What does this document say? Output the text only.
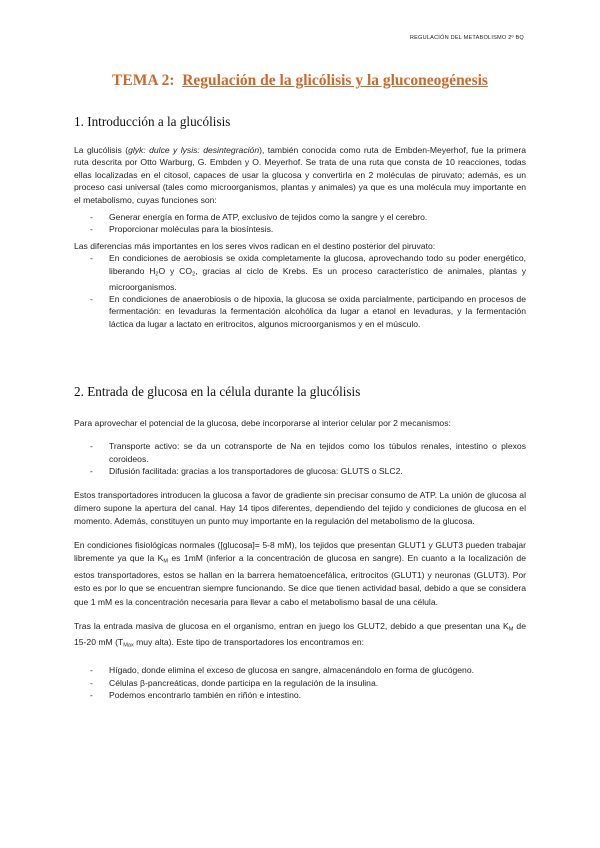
REGULACIÓN DEL METABOLISMO 2º BQ
TEMA 2: Regulación de la glicólisis y la gluconeogénesis
1. Introducción a la glucólisis

La glucólisis (glyk: dulce y lysis: desintegración), también conocida como ruta de Embden-Meyerhof, fue la primera ruta descrita por Otto Warburg, G. Embden y O. Meyerhof. Se trata de una ruta que consta de 10 reacciones, todas ellas localizadas en el citosol, capaces de usar la glucosa y convertirla en 2 moléculas de piruvato; además, es un proceso casi universal (tales como microorganismos, plantas y animales) ya que es una molécula muy importante en el metabolismo, cuyas funciones son:

- Generar energía en forma de ATP, exclusivo de tejidos como la sangre y el cerebro.
- Proporcionar moléculas para la biosíntesis.

Las diferencias más importantes en los seres vivos radican en el destino posterior del piruvato:

- En condiciones de aerobiosis se oxida completamente la glucosa, aprovechando todo su poder energético, liberando $H_2O$ y $CO_2$, gracias al ciclo de Krebs. Es un proceso característico de animales, plantas y microorganismos.
- En condiciones de anaerobiosis o de hipoxia, la glucosa se oxida parcialmente, participando en procesos de fermentación: en levaduras la fermentación alcohólica da lugar a etanol en levaduras, y la fermentación láctica da lugar a lactato en eritrocitos, algunos microorganismos y en el músculo.
2. Entrada de glucosa en la célula durante la glucólisis

Para aprovechar el potencial de la glucosa, debe incorporarse al interior celular por 2 mecanismos:

- Transporte activo: se da un cotransporte de Na en tejidos como los túbulos renales, intestino o plexos coroideos.
- Difusión facilitada: gracias a los transportadores de glucosa: GLUTS o SLC2.

Estos transportadores introducen la glucosa a favor de gradiente sin precisar consumo de ATP. La unión de glucosa al dímero supone la apertura del canal. Hay 14 tipos diferentes, dependiendo del tejido y condiciones de glucosa en el momento. Además, constituyen un punto muy importante en la regulación del metabolismo de la glucosa.

En condiciones fisiológicas normales ([glucosa]= 5-8 mM), los tejidos que presentan GLUT1 y GLUT3 pueden trabajar libremente ya que la $K_M$ es 1mM (inferior a la concentración de glucosa en sangre). En cuanto a la localización de estos transportadores, estos se hallan en la barrera hematoencefálica, eritrocitos (GLUT1) y neuronas (GLUT3). Por esto es por lo que se encuentran siempre funcionando. Se dice que tienen actividad basal, debido a que se considera que 1 mM es la concentración necesaria para llevar a cabo el metabolismo basal de una célula.

Tras la entrada masiva de glucosa en el organismo, entran en juego los GLUT2, debido a que presentan una $K_M$ de 15-20 mM ($T_{Max}$ muy alta). Este tipo de transportadores los encontramos en:

- Hígado, donde elimina el exceso de glucosa en sangre, almacenándolo en forma de glucógeno.
- Células β-pancreáticas, donde participa en la regulación de la insulina.
- Podemos encontrarlo también en riñón e intestino.
